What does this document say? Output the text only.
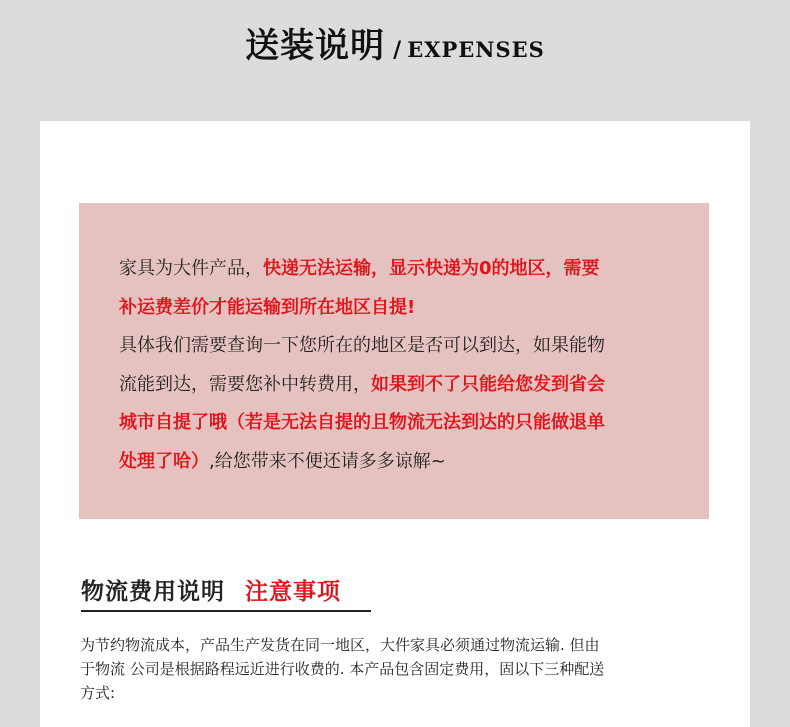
送装说明 / EXPENSES
家具为大件产品，快递无法运输，显示快递为0的地区，需要
补运费差价才能运输到所在地区自提!
具体我们需要查询一下您所在的地区是否可以到达，如果能物
流能到达，需要您补中转费用，如果到不了只能给您发到省会
城市自提了哦（若是无法自提的且物流无法到达的只能做退单
处理了哈）,给您带来不便还请多多谅解~
物流费用说明 注意事项
为节约物流成本，产品生产发货在同一地区，大件家具必须通过物流运输. 但由
于物流 公司是根据路程远近进行收费的. 本产品包含固定费用，固以下三种配送
方式:
